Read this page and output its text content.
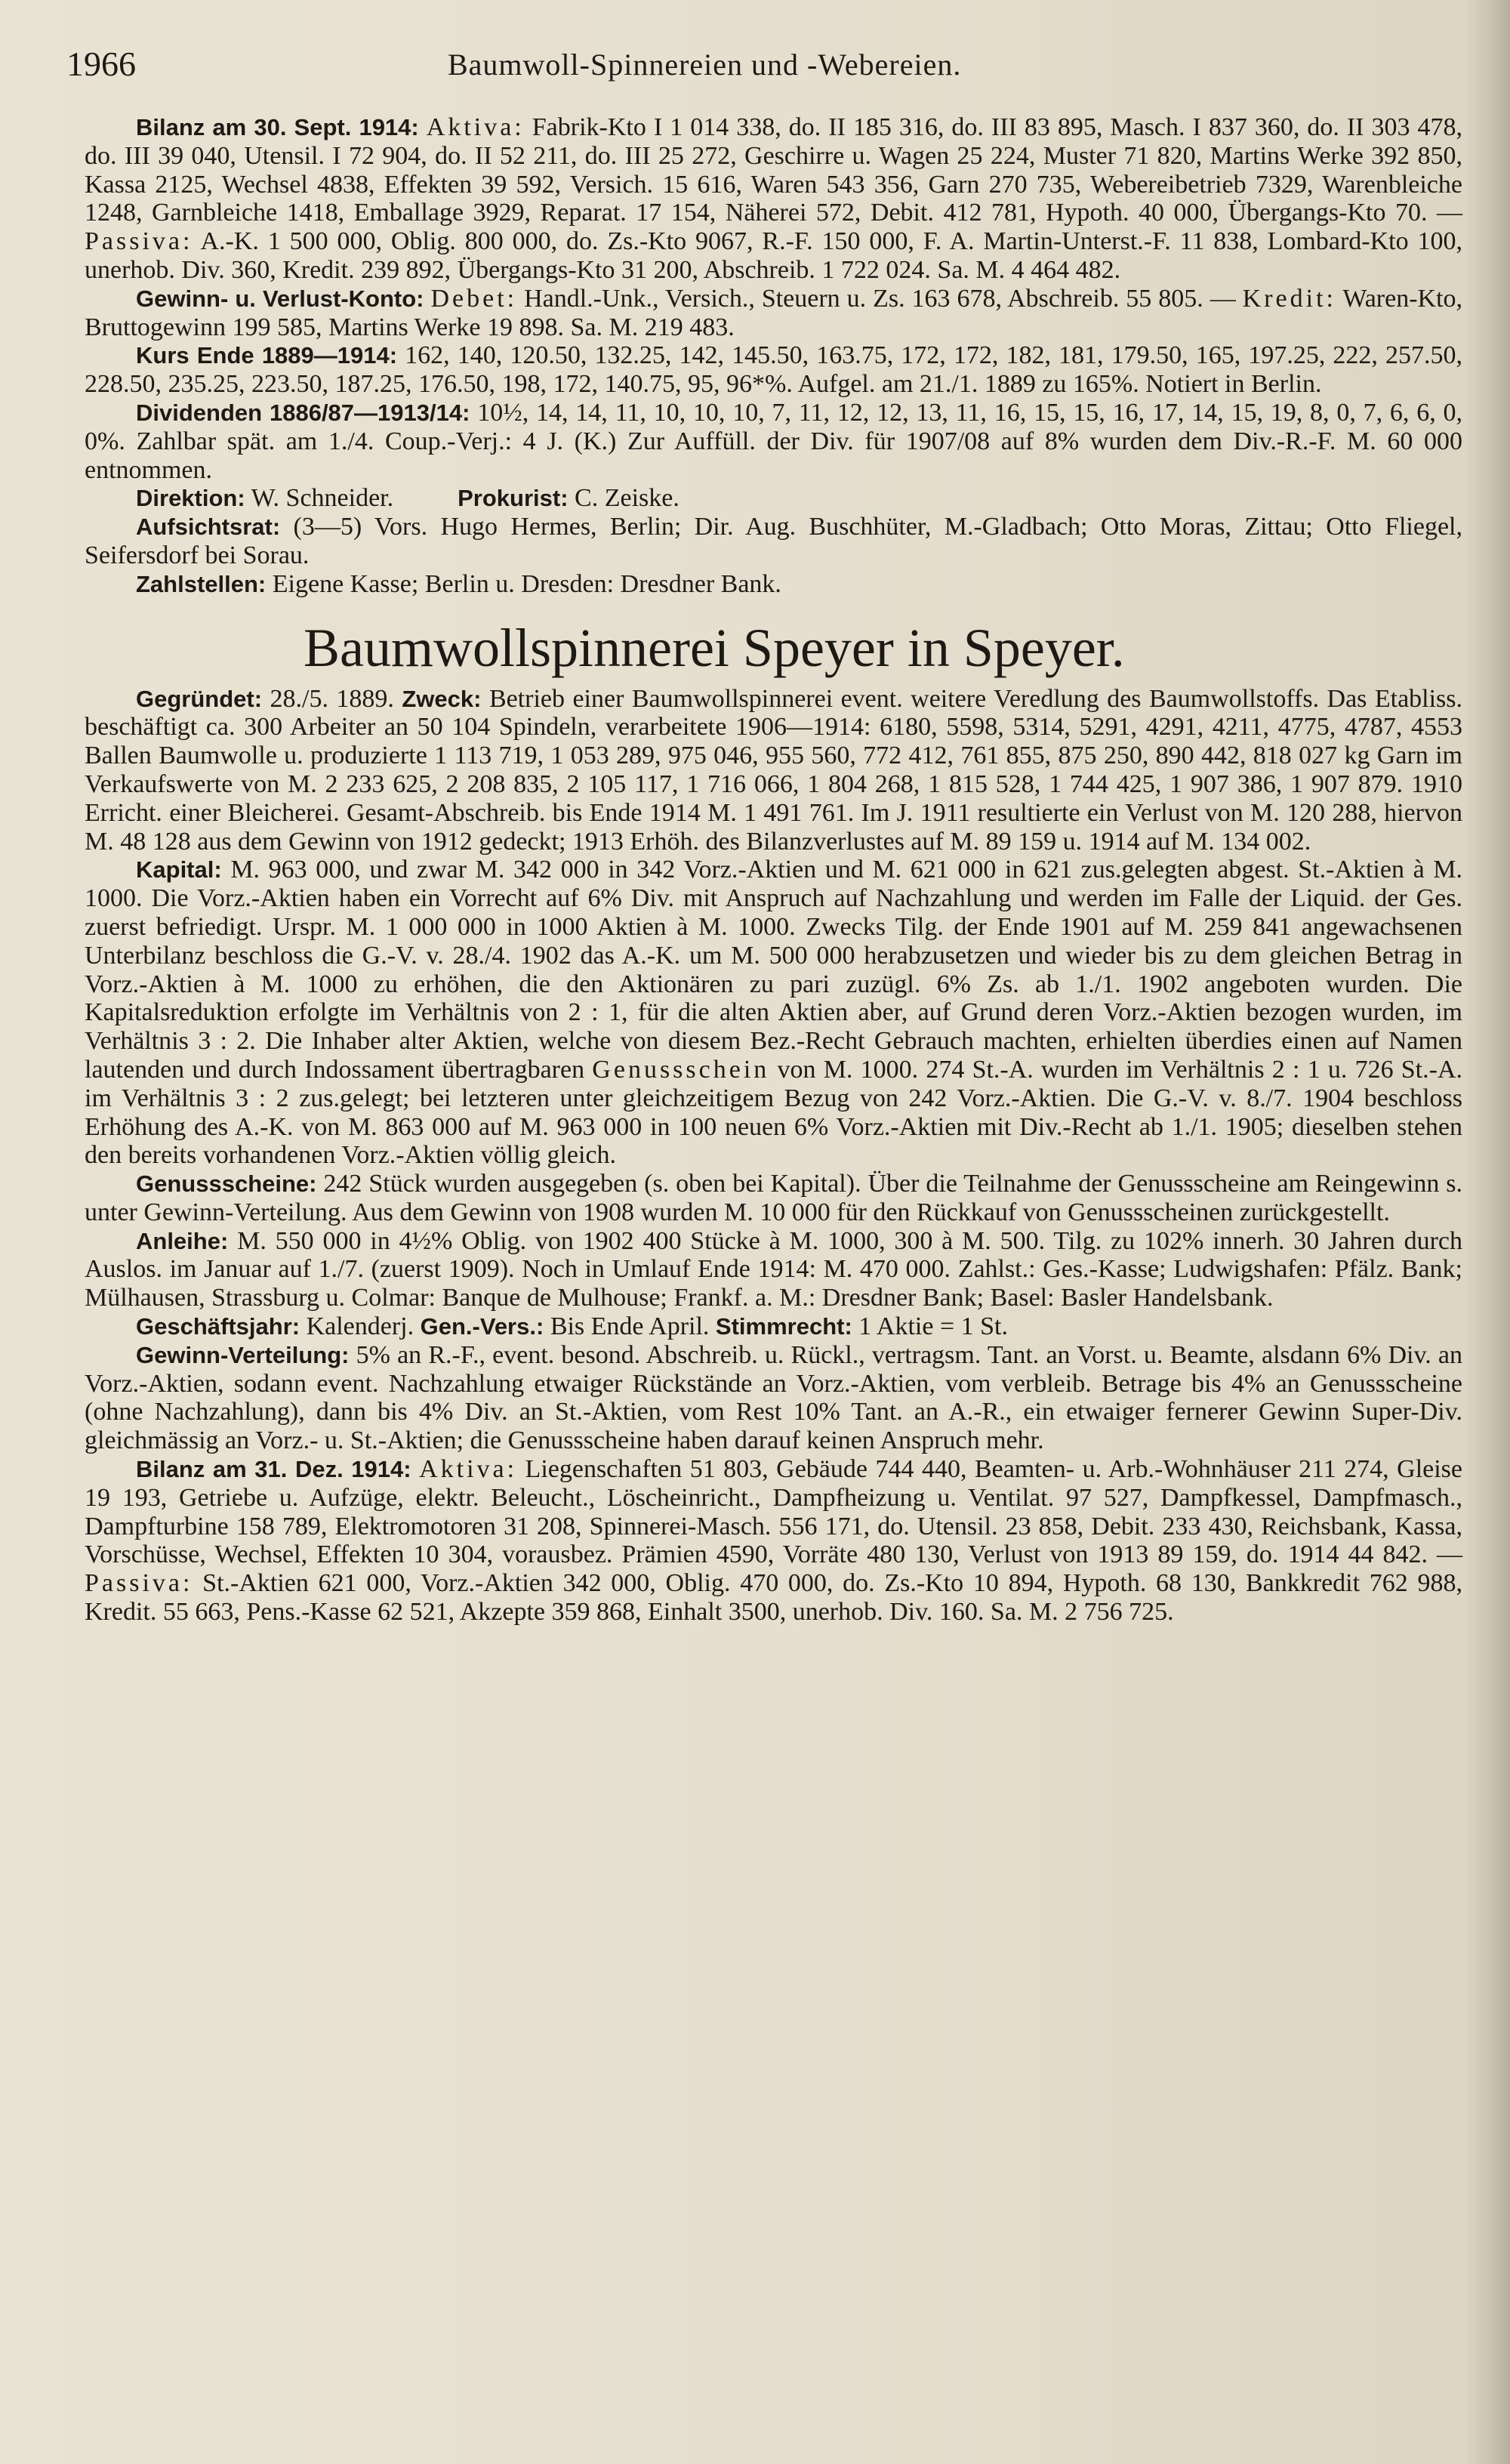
1966	Baumwoll-Spinnereien und -Webereien.

Bilanz am 30. Sept. 1914: Aktiva: Fabrik-Kto I 1 014 338, do. II 185 316, do. III 83 895, Masch. I 837 360, do. II 303 478, do. III 39 040, Utensil. I 72 904, do. II 52 211, do. III 25 272, Geschirre u. Wagen 25 224, Muster 71 820, Martins Werke 392 850, Kassa 2125, Wechsel 4838, Effekten 39 592, Versich. 15 616, Waren 543 356, Garn 270 735, Webereibetrieb 7329, Warenbleiche 1248, Garnbleiche 1418, Emballage 3929, Reparat. 17 154, Näherei 572, Debit. 412 781, Hypoth. 40 000, Übergangs-Kto 70. — Passiva: A.-K. 1 500 000, Oblig. 800 000, do. Zs.-Kto 9067, R.-F. 150 000, F. A. Martin-Unterst.-F. 11 838, Lombard-Kto 100, unerhob. Div. 360, Kredit. 239 892, Übergangs-Kto 31 200, Abschreib. 1 722 024. Sa. M. 4 464 482.

Gewinn- u. Verlust-Konto: Debet: Handl.-Unk., Versich., Steuern u. Zs. 163 678, Abschreib. 55 805. — Kredit: Waren-Kto, Bruttogewinn 199 585, Martins Werke 19 898. Sa. M. 219 483.

Kurs Ende 1889—1914: 162, 140, 120.50, 132.25, 142, 145.50, 163.75, 172, 172, 182, 181, 179.50, 165, 197.25, 222, 257.50, 228.50, 235.25, 223.50, 187.25, 176.50, 198, 172, 140.75, 95, 96*%. Aufgel. am 21./1. 1889 zu 165%. Notiert in Berlin.

Dividenden 1886/87—1913/14: 10½, 14, 14, 11, 10, 10, 10, 7, 11, 12, 12, 13, 11, 16, 15, 15, 16, 17, 14, 15, 19, 8, 0, 7, 6, 6, 0, 0%. Zahlbar spät. am 1./4. Coup.-Verj.: 4 J. (K.) Zur Auffüll. der Div. für 1907/08 auf 8% wurden dem Div.-R.-F. M. 60 000 entnommen.

Direktion: W. Schneider.	Prokurist: C. Zeiske.

Aufsichtsrat: (3—5) Vors. Hugo Hermes, Berlin; Dir. Aug. Buschhüter, M.-Gladbach; Otto Moras, Zittau; Otto Fliegel, Seifersdorf bei Sorau.

Zahlstellen: Eigene Kasse; Berlin u. Dresden: Dresdner Bank.

Baumwollspinnerei Speyer in Speyer.

Gegründet: 28./5. 1889. Zweck: Betrieb einer Baumwollspinnerei event. weitere Veredlung des Baumwollstoffs. Das Etabliss. beschäftigt ca. 300 Arbeiter an 50 104 Spindeln, verarbeitete 1906—1914: 6180, 5598, 5314, 5291, 4291, 4211, 4775, 4787, 4553 Ballen Baumwolle u. produzierte 1 113 719, 1 053 289, 975 046, 955 560, 772 412, 761 855, 875 250, 890 442, 818 027 kg Garn im Verkaufswerte von M. 2 233 625, 2 208 835, 2 105 117, 1 716 066, 1 804 268, 1 815 528, 1 744 425, 1 907 386, 1 907 879. 1910 Erricht. einer Bleicherei. Gesamt-Abschreib. bis Ende 1914 M. 1 491 761. Im J. 1911 resultierte ein Verlust von M. 120 288, hiervon M. 48 128 aus dem Gewinn von 1912 gedeckt; 1913 Erhöh. des Bilanzverlustes auf M. 89 159 u. 1914 auf M. 134 002.

Kapital: M. 963 000, und zwar M. 342 000 in 342 Vorz.-Aktien und M. 621 000 in 621 zus.gelegten abgest. St.-Aktien à M. 1000. Die Vorz.-Aktien haben ein Vorrecht auf 6% Div. mit Anspruch auf Nachzahlung und werden im Falle der Liquid. der Ges. zuerst befriedigt. Urspr. M. 1 000 000 in 1000 Aktien à M. 1000. Zwecks Tilg. der Ende 1901 auf M. 259 841 angewachsenen Unterbilanz beschloss die G.-V. v. 28./4. 1902 das A.-K. um M. 500 000 herabzusetzen und wieder bis zu dem gleichen Betrag in Vorz.-Aktien à M. 1000 zu erhöhen, die den Aktionären zu pari zuzügl. 6% Zs. ab 1./1. 1902 angeboten wurden. Die Kapitalsreduktion erfolgte im Verhältnis von 2 : 1, für die alten Aktien aber, auf Grund deren Vorz.-Aktien bezogen wurden, im Verhältnis 3 : 2. Die Inhaber alter Aktien, welche von diesem Bez.-Recht Gebrauch machten, erhielten überdies einen auf Namen lautenden und durch Indossament übertragbaren Genussschein von M. 1000. 274 St.-A. wurden im Verhältnis 2 : 1 u. 726 St.-A. im Verhältnis 3 : 2 zus.gelegt; bei letzteren unter gleichzeitigem Bezug von 242 Vorz.-Aktien. Die G.-V. v. 8./7. 1904 beschloss Erhöhung des A.-K. von M. 863 000 auf M. 963 000 in 100 neuen 6% Vorz.-Aktien mit Div.-Recht ab 1./1. 1905; dieselben stehen den bereits vorhandenen Vorz.-Aktien völlig gleich.

Genussscheine: 242 Stück wurden ausgegeben (s. oben bei Kapital). Über die Teilnahme der Genussscheine am Reingewinn s. unter Gewinn-Verteilung. Aus dem Gewinn von 1908 wurden M. 10 000 für den Rückkauf von Genussscheinen zurückgestellt.

Anleihe: M. 550 000 in 4½% Oblig. von 1902 400 Stücke à M. 1000, 300 à M. 500. Tilg. zu 102% innerh. 30 Jahren durch Auslos. im Januar auf 1./7. (zuerst 1909). Noch in Umlauf Ende 1914: M. 470 000. Zahlst.: Ges.-Kasse; Ludwigshafen: Pfälz. Bank; Mülhausen, Strassburg u. Colmar: Banque de Mulhouse; Frankf. a. M.: Dresdner Bank; Basel: Basler Handelsbank.

Geschäftsjahr: Kalenderj. Gen.-Vers.: Bis Ende April. Stimmrecht: 1 Aktie = 1 St.

Gewinn-Verteilung: 5% an R.-F., event. besond. Abschreib. u. Rückl., vertragsm. Tant. an Vorst. u. Beamte, alsdann 6% Div. an Vorz.-Aktien, sodann event. Nachzahlung etwaiger Rückstände an Vorz.-Aktien, vom verbleib. Betrage bis 4% an Genussscheine (ohne Nachzahlung), dann bis 4% Div. an St.-Aktien, vom Rest 10% Tant. an A.-R., ein etwaiger fernerer Gewinn Super-Div. gleichmässig an Vorz.- u. St.-Aktien; die Genussscheine haben darauf keinen Anspruch mehr.

Bilanz am 31. Dez. 1914: Aktiva: Liegenschaften 51 803, Gebäude 744 440, Beamten- u. Arb.-Wohnhäuser 211 274, Gleise 19 193, Getriebe u. Aufzüge, elektr. Beleucht., Löscheinricht., Dampfheizung u. Ventilat. 97 527, Dampfkessel, Dampfmasch., Dampfturbine 158 789, Elektromotoren 31 208, Spinnerei-Masch. 556 171, do. Utensil. 23 858, Debit. 233 430, Reichsbank, Kassa, Vorschüsse, Wechsel, Effekten 10 304, vorausbez. Prämien 4590, Vorräte 480 130, Verlust von 1913 89 159, do. 1914 44 842. — Passiva: St.-Aktien 621 000, Vorz.-Aktien 342 000, Oblig. 470 000, do. Zs.-Kto 10 894, Hypoth. 68 130, Bankkredit 762 988, Kredit. 55 663, Pens.-Kasse 62 521, Akzepte 359 868, Einhalt 3500, unerhob. Div. 160. Sa. M. 2 756 725.
